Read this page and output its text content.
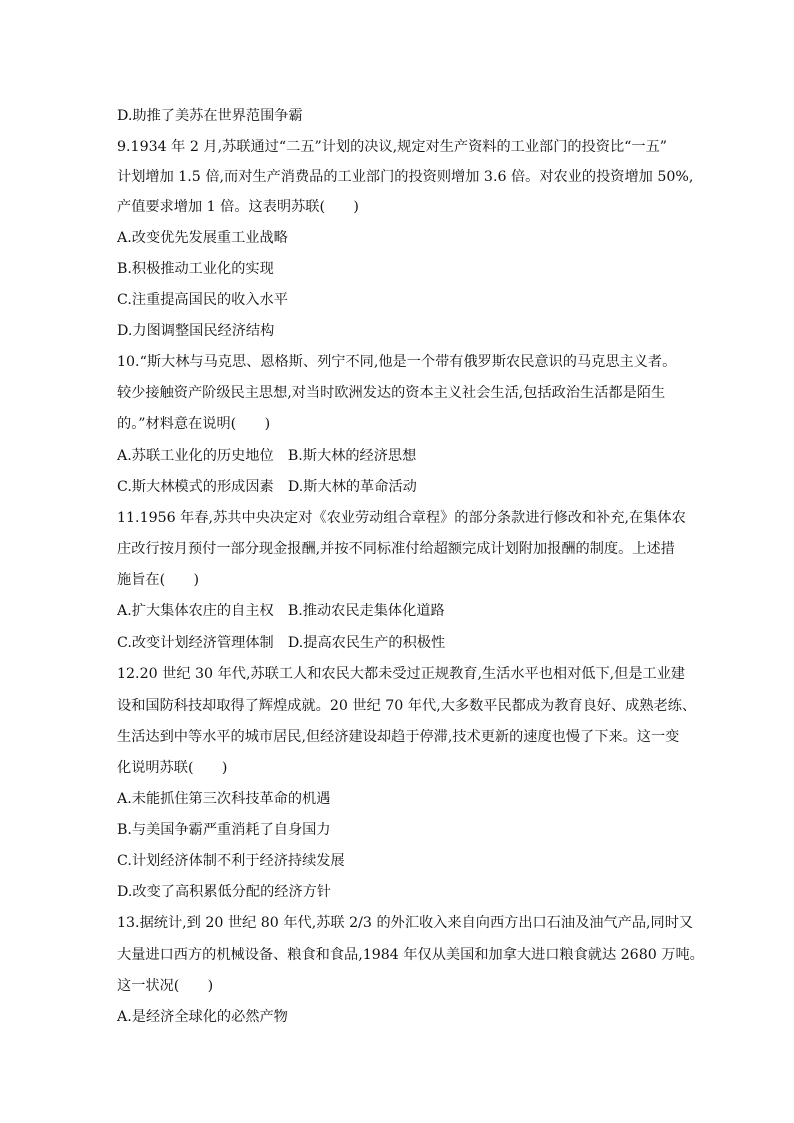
D.助推了美苏在世界范围争霸
9.1934 年 2 月,苏联通过“二五”计划的决议,规定对生产资料的工业部门的投资比“一五”
计划增加 1.5 倍,而对生产消费品的工业部门的投资则增加 3.6 倍。对农业的投资增加 50%,
产值要求增加 1 倍。这表明苏联(　　)
A.改变优先发展重工业战略
B.积极推动工业化的实现
C.注重提高国民的收入水平
D.力图调整国民经济结构
10.“斯大林与马克思、恩格斯、列宁不同,他是一个带有俄罗斯农民意识的马克思主义者。
较少接触资产阶级民主思想,对当时欧洲发达的资本主义社会生活,包括政治生活都是陌生
的。”材料意在说明(　　)
A.苏联工业化的历史地位　B.斯大林的经济思想
C.斯大林模式的形成因素　D.斯大林的革命活动
11.1956 年春,苏共中央决定对《农业劳动组合章程》的部分条款进行修改和补充,在集体农
庄改行按月预付一部分现金报酬,并按不同标准付给超额完成计划附加报酬的制度。上述措
施旨在(　　)
A.扩大集体农庄的自主权　B.推动农民走集体化道路
C.改变计划经济管理体制　D.提高农民生产的积极性
12.20 世纪 30 年代,苏联工人和农民大都未受过正规教育,生活水平也相对低下,但是工业建
设和国防科技却取得了辉煌成就。20 世纪 70 年代,大多数平民都成为教育良好、成熟老练、
生活达到中等水平的城市居民,但经济建设却趋于停滞,技术更新的速度也慢了下来。这一变
化说明苏联(　　)
A.未能抓住第三次科技革命的机遇
B.与美国争霸严重消耗了自身国力
C.计划经济体制不利于经济持续发展
D.改变了高积累低分配的经济方针
13.据统计,到 20 世纪 80 年代,苏联 2/3 的外汇收入来自向西方出口石油及油气产品,同时又
大量进口西方的机械设备、粮食和食品,1984 年仅从美国和加拿大进口粮食就达 2680 万吨。
这一状况(　　)
A.是经济全球化的必然产物
